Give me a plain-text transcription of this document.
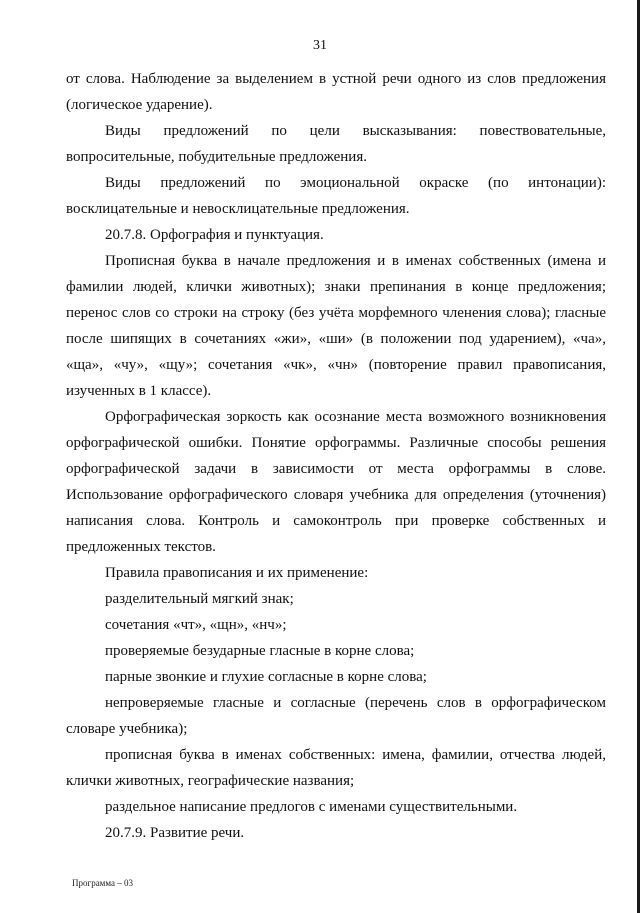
31

от слова. Наблюдение за выделением в устной речи одного из слов предложения (логическое ударение).

Виды предложений по цели высказывания: повествовательные, вопросительные, побудительные предложения.

Виды предложений по эмоциональной окраске (по интонации): восклицательные и невосклицательные предложения.

20.7.8. Орфография и пунктуация.

Прописная буква в начале предложения и в именах собственных (имена и фамилии людей, клички животных); знаки препинания в конце предложения; перенос слов со строки на строку (без учёта морфемного членения слова); гласные после шипящих в сочетаниях «жи», «ши» (в положении под ударением), «ча», «ща», «чу», «щу»; сочетания «чк», «чн» (повторение правил правописания, изученных в 1 классе).

Орфографическая зоркость как осознание места возможного возникновения орфографической ошибки. Понятие орфограммы. Различные способы решения орфографической задачи в зависимости от места орфограммы в слове. Использование орфографического словаря учебника для определения (уточнения) написания слова. Контроль и самоконтроль при проверке собственных и предложенных текстов.

Правила правописания и их применение:

разделительный мягкий знак;

сочетания «чт», «щн», «нч»;

проверяемые безударные гласные в корне слова;

парные звонкие и глухие согласные в корне слова;

непроверяемые гласные и согласные (перечень слов в орфографическом словаре учебника);

прописная буква в именах собственных: имена, фамилии, отчества людей, клички животных, географические названия;

раздельное написание предлогов с именами существительными.

20.7.9. Развитие речи.

Программа – 03
